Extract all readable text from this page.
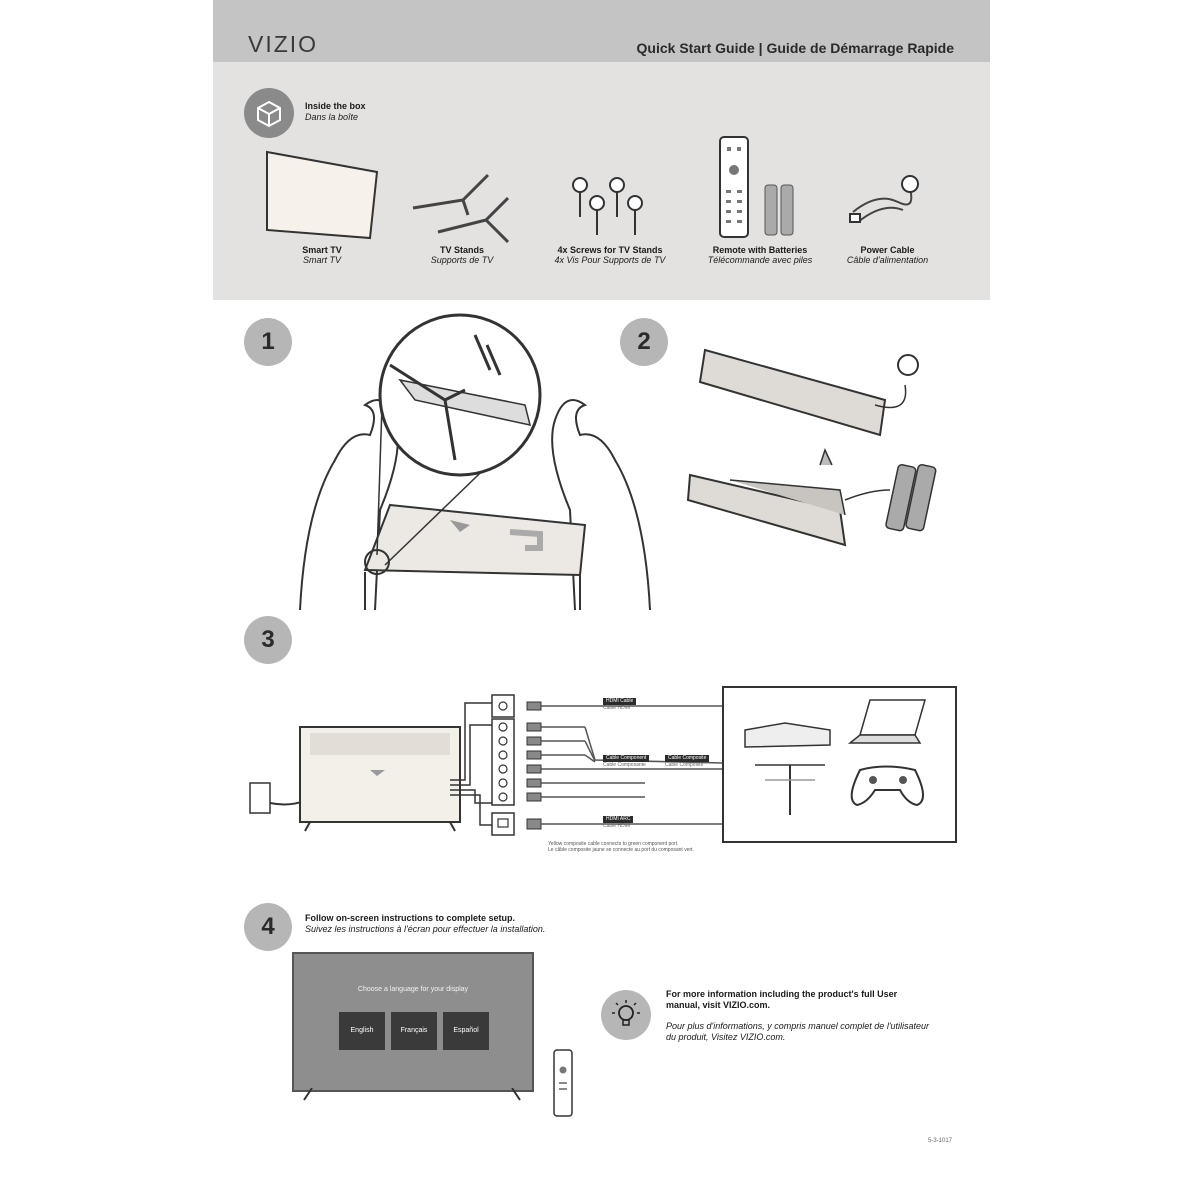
VIZIO	Quick Start Guide | Guide de Démarrage Rapide
Inside the box
Dans la boîte
Smart TV
Smart TV
TV Stands
Supports de TV
4x Screws for TV Stands
4x Vis Pour Supports de TV
Remote with Batteries
Télécommande avec piles
Power Cable
Câble d'alimentation
1	2
3
HDMI Cable
Cable HDMI
Cable Component
Cable Composante
Cable Composite
Cable Composite
HDMI ARC
Cable HDMI
Yellow composite cable connects to green component port.
Le câble composite jaune se connecte au port du composant vert.
4	Follow on-screen instructions to complete setup.
Suivez les instructions à l'écran pour effectuer la installation.
Choose a language for your display
English	Français	Español
For more information including the product's full User manual, visit VIZIO.com.
Pour plus d'informations, y compris manuel complet de l'utilisateur du produit, Visitez VIZIO.com.
5-3-1017
